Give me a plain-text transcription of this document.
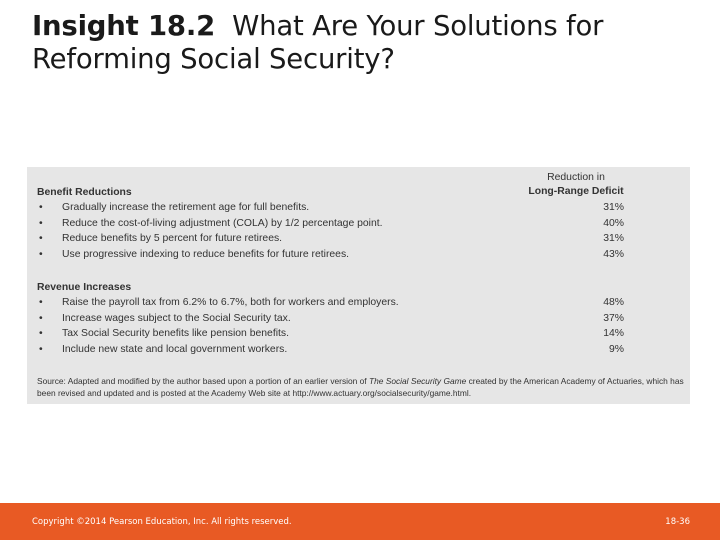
Insight 18.2 What Are Your Solutions for Reforming Social Security?
Reduction in
Long-Range Deficit
Benefit Reductions
• Gradually increase the retirement age for full benefits.	31%
• Reduce the cost-of-living adjustment (COLA) by 1/2 percentage point.	40%
• Reduce benefits by 5 percent for future retirees.	31%
• Use progressive indexing to reduce benefits for future retirees.	43%
Revenue Increases
• Raise the payroll tax from 6.2% to 6.7%, both for workers and employers.	48%
• Increase wages subject to the Social Security tax.	37%
• Tax Social Security benefits like pension benefits.	14%
• Include new state and local government workers.	9%
Source: Adapted and modified by the author based upon a portion of an earlier version of The Social Security Game created by the American Academy of Actuaries, which has been revised and updated and is posted at the Academy Web site at http://www.actuary.org/socialsecurity/game.html.
Copyright ©2014 Pearson Education, Inc. All rights reserved.	18-36
